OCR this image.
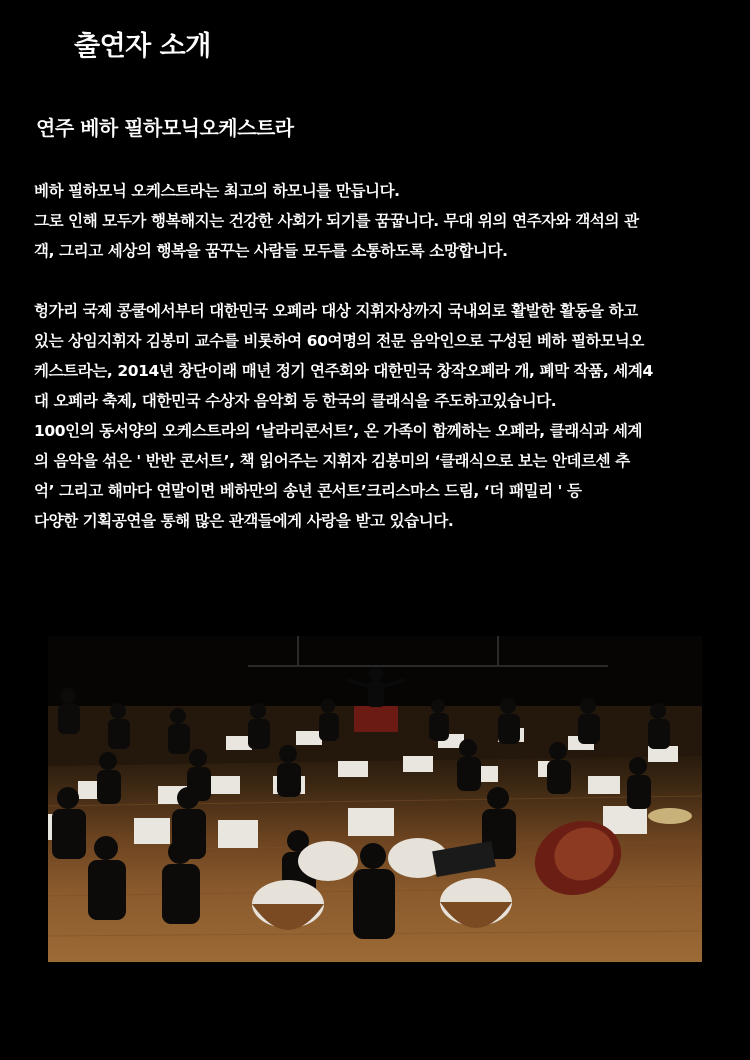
출연자 소개
연주 베하 필하모닉오케스트라

베하 필하모닉 오케스트라는 최고의 하모니를 만듭니다.
그로 인해 모두가 행복해지는 건강한 사회가 되기를 꿈꿉니다. 무대 위의 연주자와 객석의 관
객, 그리고 세상의 행복을 꿈꾸는 사람들 모두를 소통하도록 소망합니다.

헝가리 국제 콩쿨에서부터 대한민국 오페라 대상 지휘자상까지 국내외로 활발한 활동을 하고
있는 상임지휘자 김봉미 교수를 비롯하여 60여명의 전문 음악인으로 구성된 베하 필하모닉오
케스트라는, 2014년 창단이래 매년 정기 연주회와 대한민국 창작오페라 개, 폐막 작품, 세계4
대 오페라 축제, 대한민국 수상자 음악회 등 한국의 클래식을 주도하고있습니다.
100인의 동서양의 오케스트라의 ‘날라리콘서트’, 온 가족이 함께하는 오페라, 클래식과 세계
의 음악을 섞은 ' 반반 콘서트’, 책 읽어주는 지휘자 김봉미의 ‘클래식으로 보는 안데르센 추
억’ 그리고 해마다 연말이면 베하만의 송년 콘서트’크리스마스 드림, ‘더 패밀리 ' 등
다양한 기획공연을 통해 많은 관객들에게 사랑을 받고 있습니다.
